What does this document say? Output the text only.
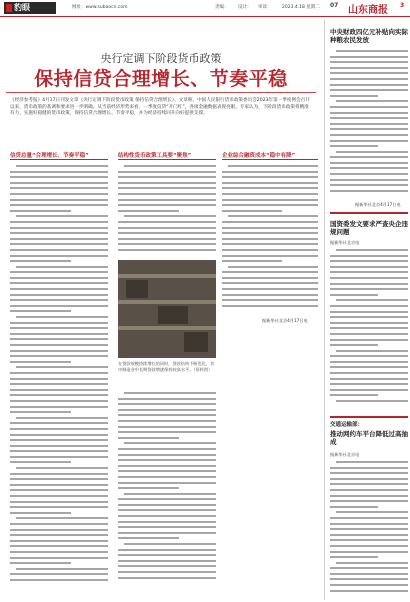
豹眼	网址：www.subaocn.com	责编： 设计： 审读： 2023.4.18 星期二 07 山东商报 3
央行定调下阶段货币政策
保持信贷合理增长、节奏平稳
《经济参考报》4月17日刊发文章《央行定调下阶段货币政策 保持信贷合理增长》。文章称，中国人民银行货币政策委员会2023年第一季度例会召开以来，货币政策的基调和要求进一步明确。从当前经济形势来看，一季度信贷“开门红”，各项金融数据表现亮眼。专家认为，下阶段货币政策将精准有力，实施好稳健的货币政策，保持信贷合理增长、节奏平稳，并为经济持续回升向好提供支撑。
信贷总量“合理增长、节奏平稳”	结构性货币政策工具要“聚焦”	企业综合融资成本“稳中有降”
在贷款规模持续增长的同时，贷款结构不断优化，其中制造业中长期贷款增速保持较高水平。（资料图）
据新华社北京4月17日电
中央财政四亿元补贴向实际种粮农民发放
据新华社北京4月17日电
国资委发文要求严查央企违规问题
据新华社北京电
交通运输部：
推动网约车平台降低过高抽成
据新华社北京电
